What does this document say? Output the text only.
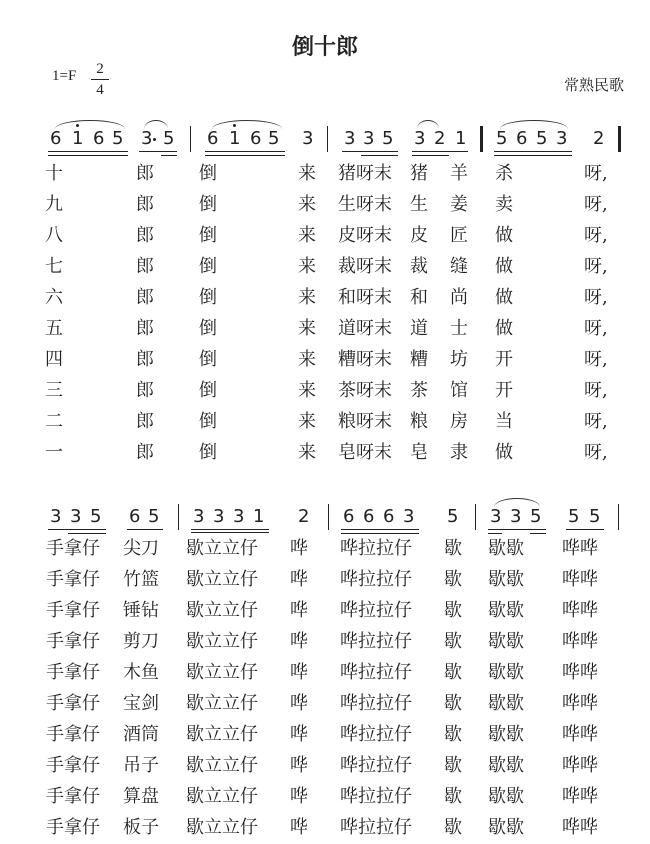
倒十郎
1=F	2
4	常熟民歌
6 1 6 5 3 5 6 1 6 5 3 3 3 5 3 2 1 5 6 5 3 2
十	郎	倒	来 猪呀末 猪 羊 杀	呀,
九	郎	倒	来 生呀末 生 姜 卖	呀,
八	郎	倒	来 皮呀末 皮 匠 做	呀,
七	郎	倒	来 裁呀末 裁 缝 做	呀,
六	郎	倒	来 和呀末 和 尚 做	呀,
五	郎	倒	来 道呀末 道 士 做	呀,
四	郎	倒	来 糟呀末 糟 坊 开	呀,
三	郎	倒	来 茶呀末 茶 馆 开	呀,
二	郎	倒	来 粮呀末 粮 房 当	呀,
一	郎	倒	来 皂呀末 皂 隶 做	呀,
3 3 5 6 5 3 3 3 1 2 6 6 6 3 5 3 3 5 5 5
手拿仔 尖刀 歇立立仔 哗 哗拉拉仔 歇 歇歇 哗哗
手拿仔 竹篮 歇立立仔 哗 哗拉拉仔 歇 歇歇 哗哗
手拿仔 锤钻 歇立立仔 哗 哗拉拉仔 歇 歇歇 哗哗
手拿仔 剪刀 歇立立仔 哗 哗拉拉仔 歇 歇歇 哗哗
手拿仔 木鱼 歇立立仔 哗 哗拉拉仔 歇 歇歇 哗哗
手拿仔 宝剑 歇立立仔 哗 哗拉拉仔 歇 歇歇 哗哗
手拿仔 酒筒 歇立立仔 哗 哗拉拉仔 歇 歇歇 哗哗
手拿仔 吊子 歇立立仔 哗 哗拉拉仔 歇 歇歇 哗哗
手拿仔 算盘 歇立立仔 哗 哗拉拉仔 歇 歇歇 哗哗
手拿仔 板子 歇立立仔 哗 哗拉拉仔 歇 歇歇 哗哗
